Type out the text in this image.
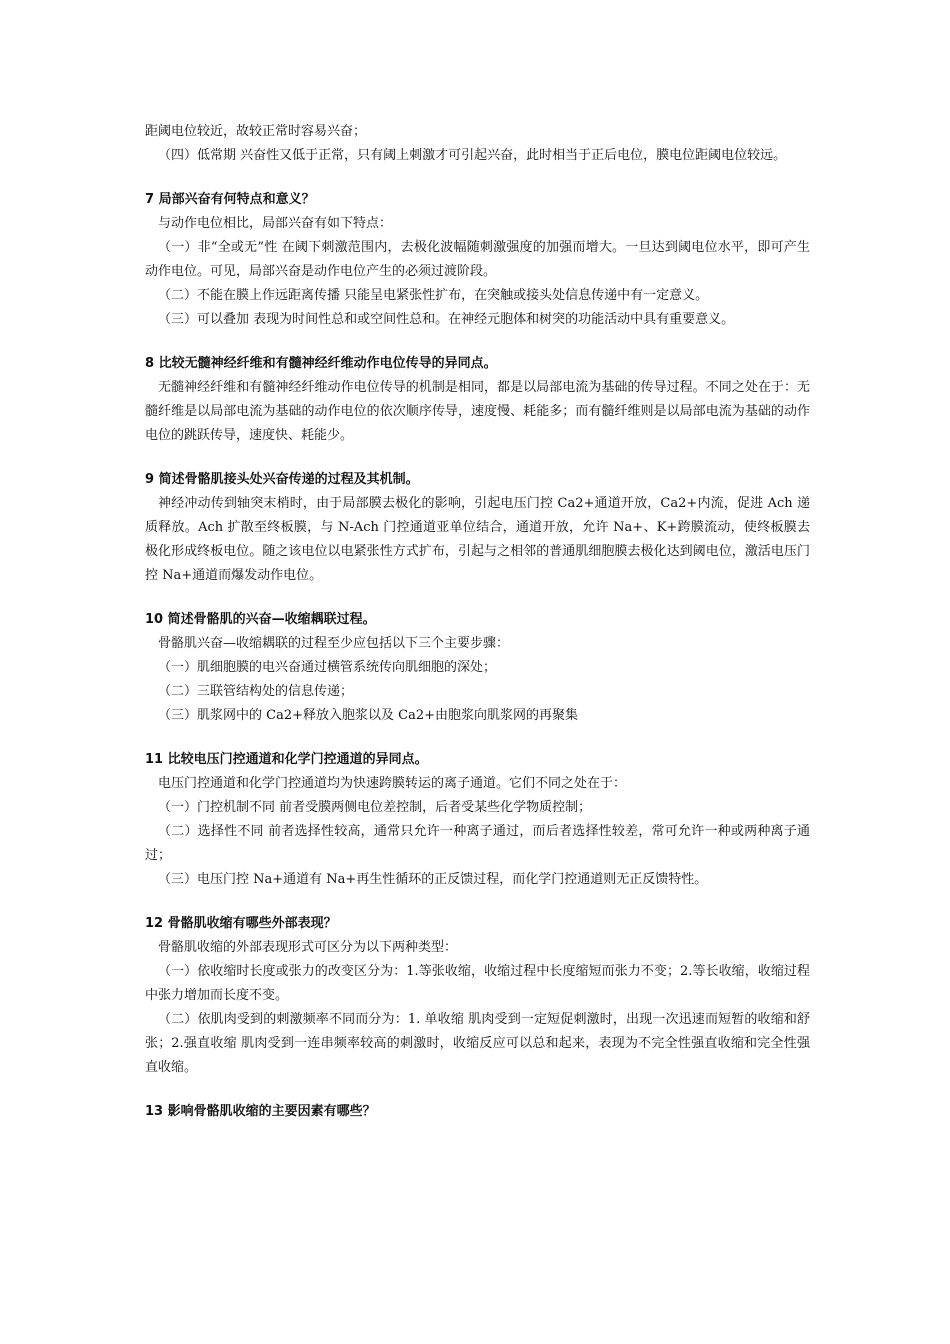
距阈电位较近，故较正常时容易兴奋；

（四）低常期 兴奋性又低于正常，只有阈上刺激才可引起兴奋，此时相当于正后电位，膜电位距阈电位较远。

7 局部兴奋有何特点和意义？

与动作电位相比，局部兴奋有如下特点：

（一）非“全或无”性 在阈下刺激范围内，去极化波幅随刺激强度的加强而增大。一旦达到阈电位水平，即可产生动作电位。可见，局部兴奋是动作电位产生的必须过渡阶段。

（二）不能在膜上作远距离传播 只能呈电紧张性扩布，在突触或接头处信息传递中有一定意义。

（三）可以叠加 表现为时间性总和或空间性总和。在神经元胞体和树突的功能活动中具有重要意义。

8 比较无髓神经纤维和有髓神经纤维动作电位传导的异同点。

无髓神经纤维和有髓神经纤维动作电位传导的机制是相同，都是以局部电流为基础的传导过程。不同之处在于：无髓纤维是以局部电流为基础的动作电位的依次顺序传导，速度慢、耗能多；而有髓纤维则是以局部电流为基础的动作电位的跳跃传导，速度快、耗能少。

9 简述骨骼肌接头处兴奋传递的过程及其机制。

神经冲动传到轴突末梢时，由于局部膜去极化的影响，引起电压门控 Ca2+通道开放，Ca2+内流，促进 Ach 递质释放。Ach 扩散至终板膜，与 N-Ach 门控通道亚单位结合，通道开放，允许 Na+、K+跨膜流动，使终板膜去极化形成终板电位。随之该电位以电紧张性方式扩布，引起与之相邻的普通肌细胞膜去极化达到阈电位，激活电压门控 Na+通道而爆发动作电位。

10 简述骨骼肌的兴奋—收缩耦联过程。

骨骼肌兴奋—收缩耦联的过程至少应包括以下三个主要步骤：

（一）肌细胞膜的电兴奋通过横管系统传向肌细胞的深处；

（二）三联管结构处的信息传递；

（三）肌浆网中的 Ca2+释放入胞浆以及 Ca2+由胞浆向肌浆网的再聚集

11 比较电压门控通道和化学门控通道的异同点。

电压门控通道和化学门控通道均为快速跨膜转运的离子通道。它们不同之处在于：

（一）门控机制不同 前者受膜两侧电位差控制，后者受某些化学物质控制；

（二）选择性不同 前者选择性较高，通常只允许一种离子通过，而后者选择性较差，常可允许一种或两种离子通过；

（三）电压门控 Na+通道有 Na+再生性循环的正反馈过程，而化学门控通道则无正反馈特性。

12 骨骼肌收缩有哪些外部表现？

骨骼肌收缩的外部表现形式可区分为以下两种类型：

（一）依收缩时长度或张力的改变区分为：1.等张收缩，收缩过程中长度缩短而张力不变；2.等长收缩，收缩过程中张力增加而长度不变。

（二）依肌肉受到的刺激频率不同而分为：1. 单收缩 肌肉受到一定短促刺激时，出现一次迅速而短暂的收缩和舒张；2.强直收缩 肌肉受到一连串频率较高的刺激时，收缩反应可以总和起来，表现为不完全性强直收缩和完全性强直收缩。

13 影响骨骼肌收缩的主要因素有哪些？
